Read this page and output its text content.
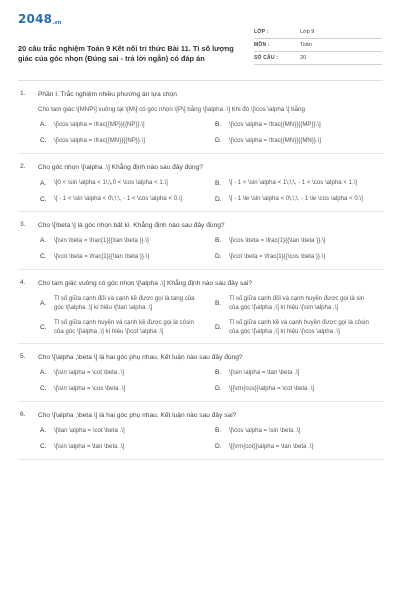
2048.vn
20 câu trắc nghiệm Toán 9 Kết nối tri thức Bài 11. Tỉ số lượng giác của góc nhọn (Đúng sai - trả lời ngắn) có đáp án
LỚP :	Lớp 9
MÔN :	Toán
SỐ CÂU :	20
1. Phần I. Trắc nghiệm nhiều phương án lựa chọn
Cho tam giác \[MNP\] vuông tại \[M\] có góc nhọn \[P\] bằng \[\alpha .\] Khi đó \[\cos \alpha \] bằng
A. \[\cos \alpha = \frac{{MP}}{{NP}}.\]	B. \[\cos \alpha = \frac{{MN}}{{MP}}.\]
C. \[\cos \alpha = \frac{{MN}}{{NP}}.\]	D. \[\cos \alpha = \frac{{MN}}{{MN}}.\]
2. Cho góc nhọn \[\alpha .\] Khẳng định nào sau đây đúng?
A. \[0 < \sin \alpha < 1\;\,0 < \cos \alpha < 1.\]	B. \[ - 1 < \sin \alpha < 1\;\;\, - 1 < \cos \alpha < 1.\]
C. \[ - 1 < \sin \alpha < 0\;\;\, - 1 < \cos \alpha < 0.\]	D. \[ - 1 \le \sin \alpha < 0\;\;\, - 1 \le \cos \alpha < 0.\]
3. Cho \[\beta \] là góc nhọn bất kì. Khẳng định nào sau đây đúng?
A. \[\sin \beta = \frac{1}{{\tan \beta }}.\]	B. \[\cos \beta = \frac{1}{{\tan \beta }}.\]
C. \[\cot \beta = \frac{1}{{\tan \beta }}.\]	D. \[\cot \beta = \frac{1}{{\cos \beta }}.\]
4. Cho tam giác vuông có góc nhọn \[\alpha .\] Khẳng định nào sau đây sai?
A.
Tỉ số giữa cạnh đối và cạnh kề được gọi là tang của góc \[\alpha ,\] kí hiệu \[\tan \alpha .\]
B.
Tỉ số giữa cạnh đối và cạnh huyền được gọi là sin của góc \[\alpha ,\] kí hiệu \[\sin \alpha .\]
C.
Tỉ số giữa cạnh huyền và cạnh kề được gọi là côsin của góc \[\alpha ,\] kí hiệu \[\cot \alpha .\]
D.
Tỉ số giữa cạnh kề và cạnh huyền được gọi là côsin của góc \[\alpha ,\] kí hiệu \[\cos \alpha .\]
5. Cho \[\alpha ,\beta \] là hai góc phụ nhau. Kết luận nào sau đây đúng?
A. \[\sin \alpha = \cot \beta .\]	B. \[\sin \alpha = \tan \beta .\]
C. \[\sin \alpha = \cos \beta .\]	D. \[{\rm{cos}}\alpha = \cot \beta .\]
6. Cho \[\alpha ,\beta \] là hai góc phụ nhau. Kết luận nào sau đây sai?
A. \[\tan \alpha = \cot \beta .\]	B. \[\cos \alpha = \sin \beta .\]
C. \[\sin \alpha = \tan \beta .\]	D. \[{\rm{cot}}\alpha = \tan \beta .\]
